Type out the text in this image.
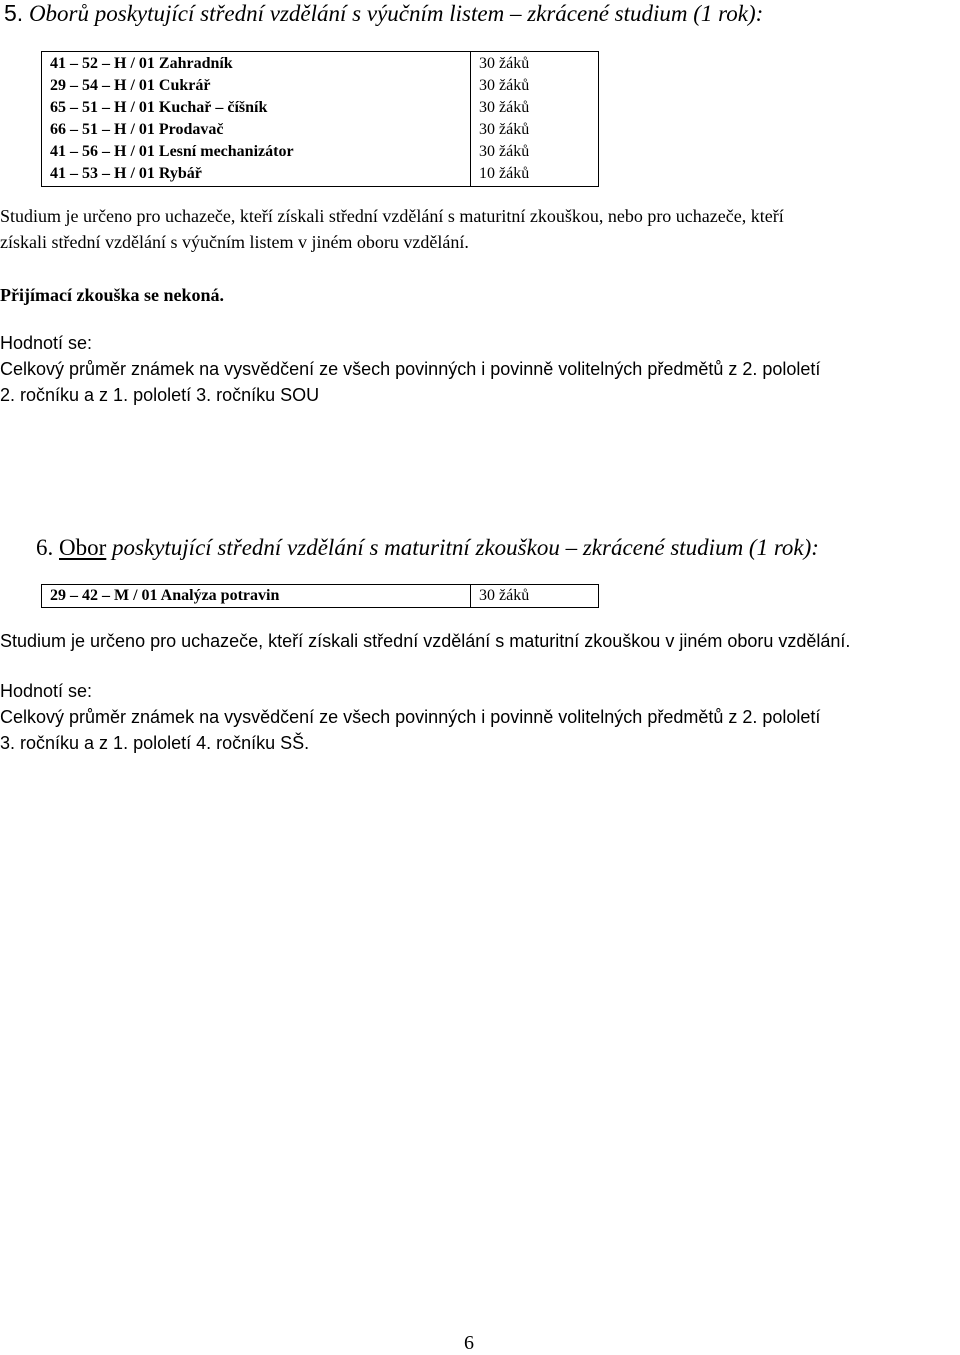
5. Oborů poskytující střední vzdělání s výučním listem – zkrácené studium (1 rok):
41 – 52 – H / 01 Zahradník	30 žáků
29 – 54 – H / 01 Cukrář	30 žáků
65 – 51 – H / 01 Kuchař – číšník	30 žáků
66 – 51 – H / 01 Prodavač	30 žáků
41 – 56 – H / 01 Lesní mechanizátor	30 žáků
41 – 53 – H / 01 Rybář	10 žáků
Studium je určeno pro uchazeče, kteří získali střední vzdělání s maturitní zkouškou, nebo pro uchazeče, kteří
získali střední vzdělání s výučním listem v jiném oboru vzdělání.
Přijímací zkouška se nekoná.
Hodnotí se:
Celkový průměr známek na vysvědčení ze všech povinných i povinně volitelných předmětů z 2. pololetí
2. ročníku a z 1. pololetí 3. ročníku SOU
6. Obor poskytující střední vzdělání s maturitní zkouškou – zkrácené studium (1 rok):
29 – 42 – M / 01 Analýza potravin	30 žáků
Studium je určeno pro uchazeče, kteří získali střední vzdělání s maturitní zkouškou v jiném oboru vzdělání.
Hodnotí se:
Celkový průměr známek na vysvědčení ze všech povinných i povinně volitelných předmětů z 2. pololetí
3. ročníku a z 1. pololetí 4. ročníku SŠ.
6
